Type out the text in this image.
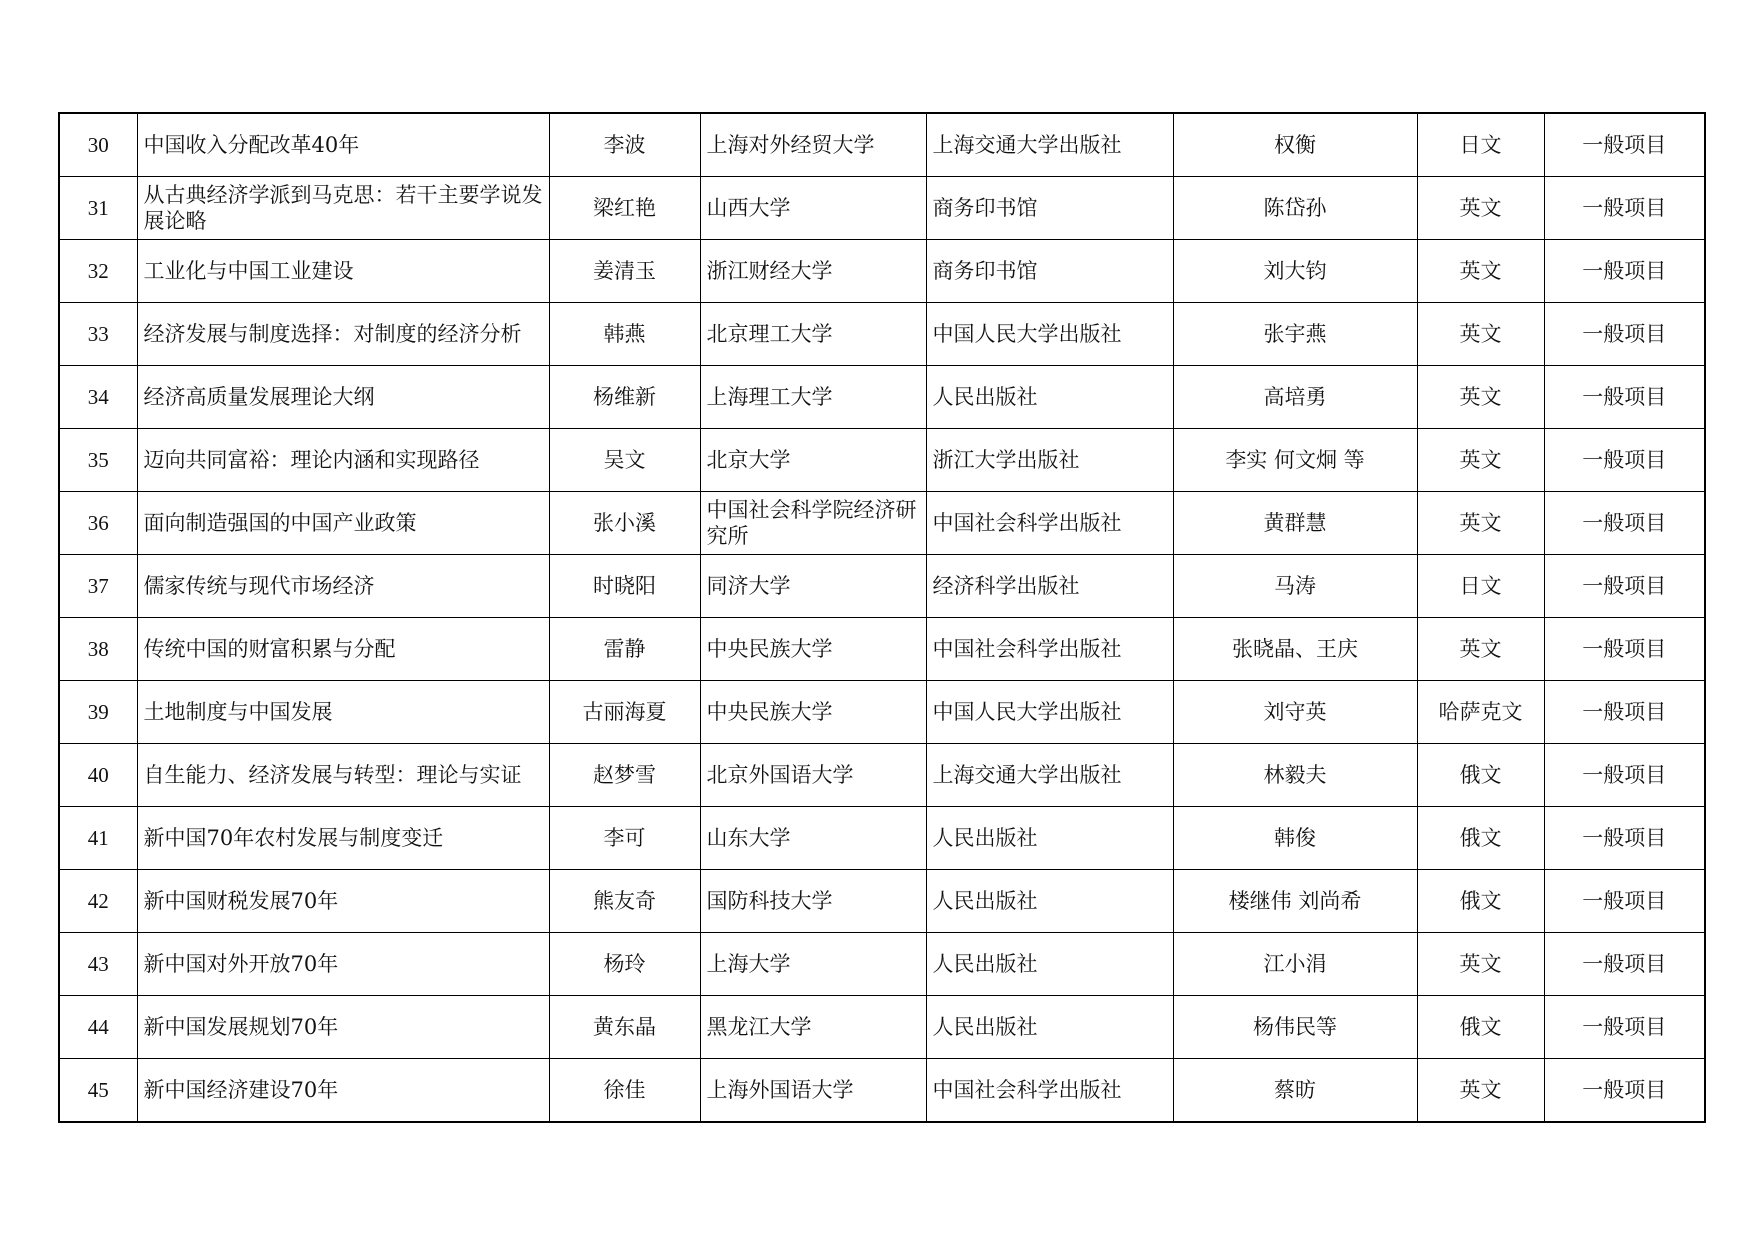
30	中国收入分配改革40年	李波	上海对外经贸大学	上海交通大学出版社	权衡	日文	一般项目
31	从古典经济学派到马克思：若干主要学说发展论略	梁红艳	山西大学	商务印书馆	陈岱孙	英文	一般项目
32	工业化与中国工业建设	姜清玉	浙江财经大学	商务印书馆	刘大钧	英文	一般项目
33	经济发展与制度选择：对制度的经济分析	韩燕	北京理工大学	中国人民大学出版社	张宇燕	英文	一般项目
34	经济高质量发展理论大纲	杨维新	上海理工大学	人民出版社	高培勇	英文	一般项目
35	迈向共同富裕：理论内涵和实现路径	吴文	北京大学	浙江大学出版社	李实 何文炯 等	英文	一般项目
36	面向制造强国的中国产业政策	张小溪	中国社会科学院经济研究所	中国社会科学出版社	黄群慧	英文	一般项目
37	儒家传统与现代市场经济	时晓阳	同济大学	经济科学出版社	马涛	日文	一般项目
38	传统中国的财富积累与分配	雷静	中央民族大学	中国社会科学出版社	张晓晶、王庆	英文	一般项目
39	土地制度与中国发展	古丽海夏	中央民族大学	中国人民大学出版社	刘守英	哈萨克文	一般项目
40	自生能力、经济发展与转型：理论与实证	赵梦雪	北京外国语大学	上海交通大学出版社	林毅夫	俄文	一般项目
41	新中国70年农村发展与制度变迁	李可	山东大学	人民出版社	韩俊	俄文	一般项目
42	新中国财税发展70年	熊友奇	国防科技大学	人民出版社	楼继伟 刘尚希	俄文	一般项目
43	新中国对外开放70年	杨玲	上海大学	人民出版社	江小涓	英文	一般项目
44	新中国发展规划70年	黄东晶	黑龙江大学	人民出版社	杨伟民等	俄文	一般项目
45	新中国经济建设70年	徐佳	上海外国语大学	中国社会科学出版社	蔡昉	英文	一般项目
